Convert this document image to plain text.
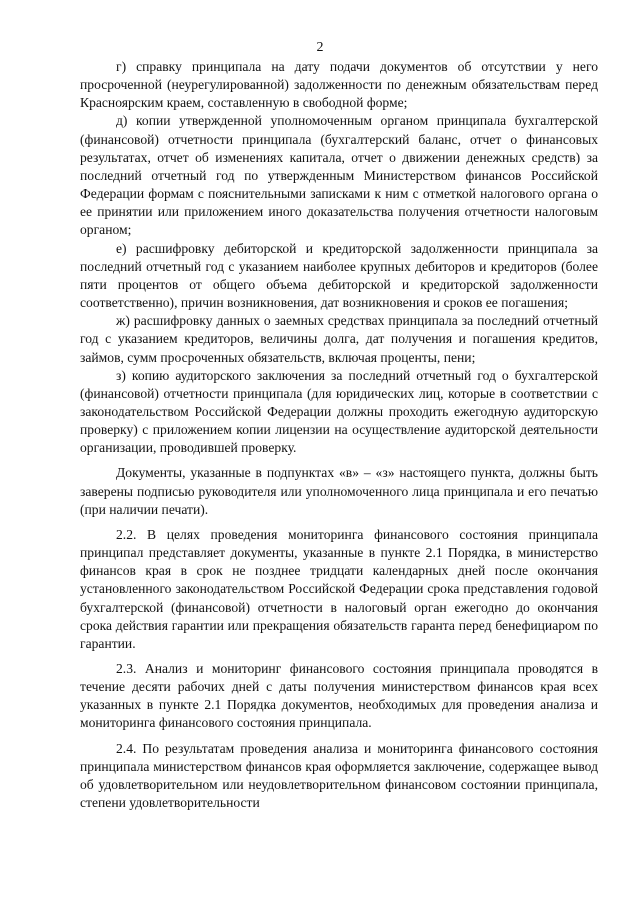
2

г) справку принципала на дату подачи документов об отсутствии у него просроченной (неурегулированной) задолженности по денежным обязательствам перед Красноярским краем, составленную в свободной форме;

д) копии утвержденной уполномоченным органом принципала бухгалтерской (финансовой) отчетности принципала (бухгалтерский баланс, отчет о финансовых результатах, отчет об изменениях капитала, отчет о движении денежных средств) за последний отчетный год по утвержденным Министерством финансов Российской Федерации формам с пояснительными записками к ним с отметкой налогового органа о ее принятии или приложением иного доказательства получения отчетности налоговым органом;

е) расшифровку дебиторской и кредиторской задолженности принципала за последний отчетный год с указанием наиболее крупных дебиторов и кредиторов (более пяти процентов от общего объема дебиторской и кредиторской задолженности соответственно), причин возникновения, дат возникновения и сроков ее погашения;

ж) расшифровку данных о заемных средствах принципала за последний отчетный год с указанием кредиторов, величины долга, дат получения и погашения кредитов, займов, сумм просроченных обязательств, включая проценты, пени;

з) копию аудиторского заключения за последний отчетный год о бухгалтерской (финансовой) отчетности принципала (для юридических лиц, которые в соответствии с законодательством Российской Федерации должны проходить ежегодную аудиторскую проверку) с приложением копии лицензии на осуществление аудиторской деятельности организации, проводившей проверку.

Документы, указанные в подпунктах «в» – «з» настоящего пункта, должны быть заверены подписью руководителя или уполномоченного лица принципала и его печатью (при наличии печати).

2.2. В целях проведения мониторинга финансового состояния принципала принципал представляет документы, указанные в пункте 2.1 Порядка, в министерство финансов края в срок не позднее тридцати календарных дней после окончания установленного законодательством Российской Федерации срока представления годовой бухгалтерской (финансовой) отчетности в налоговый орган ежегодно до окончания срока действия гарантии или прекращения обязательств гаранта перед бенефициаром по гарантии.

2.3. Анализ и мониторинг финансового состояния принципала проводятся в течение десяти рабочих дней с даты получения министерством финансов края всех указанных в пункте 2.1 Порядка документов, необходимых для проведения анализа и мониторинга финансового состояния принципала.

2.4. По результатам проведения анализа и мониторинга финансового состояния принципала министерством финансов края оформляется заключение, содержащее вывод об удовлетворительном или неудовлетворительном финансовом состоянии принципала, степени удовлетворительности
